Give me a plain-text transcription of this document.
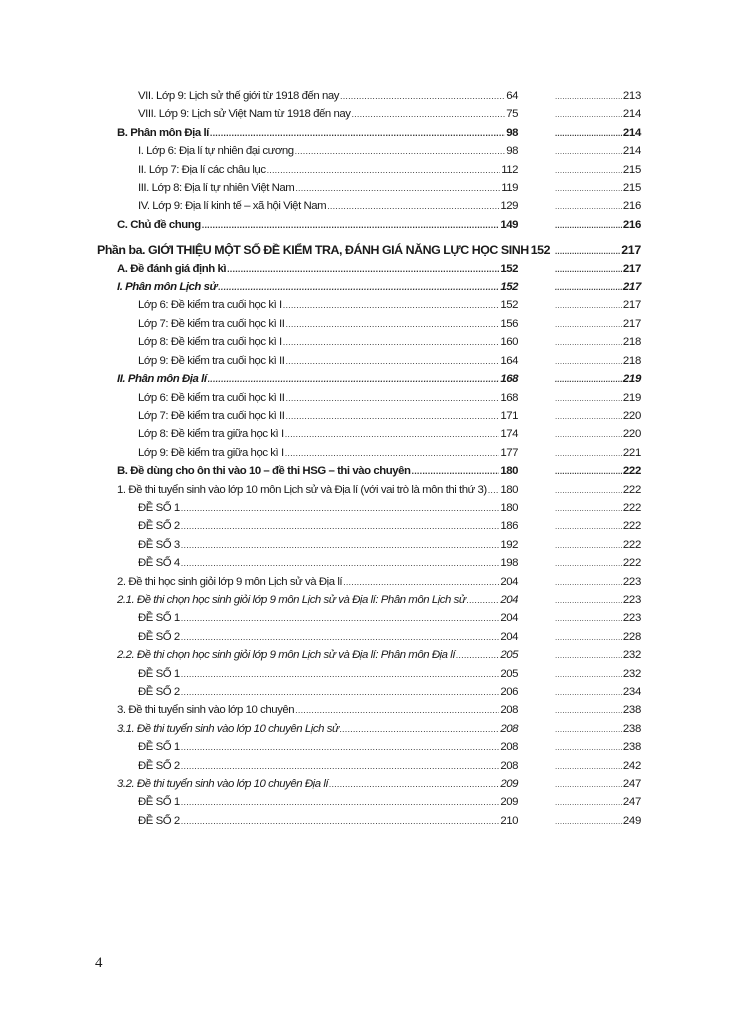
VII. Lớp 9: Lịch sử thế giới từ 1918 đến nay .....	64 .....	213
VIII. Lớp 9: Lịch sử Việt Nam từ 1918 đến nay .....	75 .....	214
B. Phân môn Địa lí .....	98 .....	214
I. Lớp 6: Địa lí tự nhiên đại cương .....	98 .....	214
II. Lớp 7: Địa lí các châu lục .....	112 .....	215
III. Lớp 8: Địa lí tự nhiên Việt Nam .....	119 .....	215
IV. Lớp 9: Địa lí kinh tế – xã hội Việt Nam .....	129 .....	216
C. Chủ đề chung .....	149 .....	216
Phần ba. GIỚI THIỆU MỘT SỐ ĐỀ KIỂM TRA, ĐÁNH GIÁ NĂNG LỰC HỌC SINH 152 .....	217
A. Đề đánh giá định kì .....	152 .....	217
I. Phân môn Lịch sử .....	152 .....	217
Lớp 6: Đề kiểm tra cuối học kì I .....	152 .....	217
Lớp 7: Đề kiểm tra cuối học kì II .....	156 .....	217
Lớp 8: Đề kiểm tra cuối học kì I .....	160 .....	218
Lớp 9: Đề kiểm tra cuối học kì II .....	164 .....	218
II. Phân môn Địa lí .....	168 .....	219
Lớp 6: Đề kiểm tra cuối học kì II .....	168 .....	219
Lớp 7: Đề kiểm tra cuối học kì II .....	171 .....	220
Lớp 8: Đề kiểm tra giữa học kì I .....	174 .....	220
Lớp 9: Đề kiểm tra giữa học kì I .....	177 .....	221
B. Đề dùng cho ôn thi vào 10 – đề thi HSG – thi vào chuyên .....	180 .....	222
1. Đề thi tuyển sinh vào lớp 10 môn Lịch sử và Địa lí (với vai trò là môn thi thứ 3) ..... 180 .....	222
ĐỀ SỐ 1 .....	180 .....	222
ĐỀ SỐ 2 .....	186 .....	222
ĐỀ SỐ 3 .....	192 .....	222
ĐỀ SỐ 4 .....	198 .....	222
2. Đề thi học sinh giỏi lớp 9 môn Lịch sử và Địa lí .....	204 .....	223
2.1. Đề thi chọn học sinh giỏi lớp 9 môn Lịch sử và Địa lí: Phân môn Lịch sử .....	204 .....	223
ĐỀ SỐ 1 .....	204 .....	223
ĐỀ SỐ 2 .....	204 .....	228
2.2. Đề thi chọn học sinh giỏi lớp 9 môn Lịch sử và Địa lí: Phân môn Địa lí .....	205 .....	232
ĐỀ SỐ 1 .....	205 .....	232
ĐỀ SỐ 2 .....	206 .....	234
3. Đề thi tuyển sinh vào lớp 10 chuyên .....	208 .....	238
3.1. Đề thi tuyển sinh vào lớp 10 chuyên Lịch sử .....	208 .....	238
ĐỀ SỐ 1 .....	208 .....	238
ĐỀ SỐ 2 .....	208 .....	242
3.2. Đề thi tuyển sinh vào lớp 10 chuyên Địa lí .....	209 .....	247
ĐỀ SỐ 1 .....	209 .....	247
ĐỀ SỐ 2 .....	210 .....	249
4
